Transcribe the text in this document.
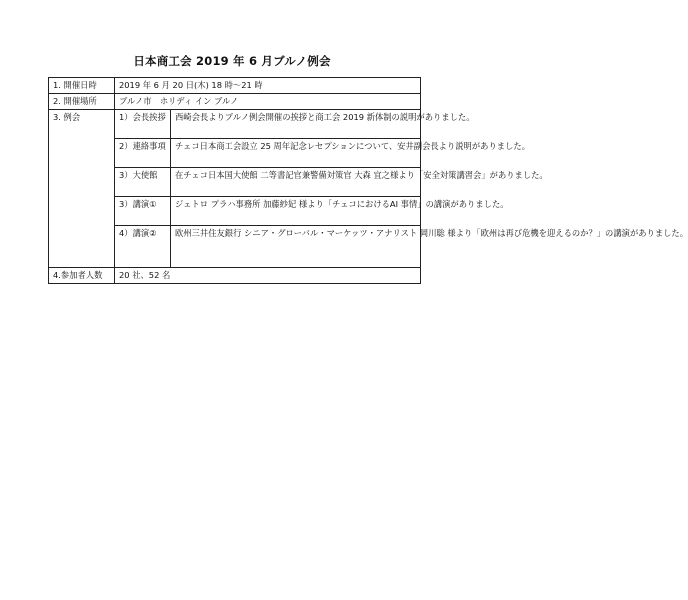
日本商工会 2019 年 6 月ブルノ例会
1. 開催日時	2019 年 6 月 20 日(木) 18 時～21 時	
2. 開催場所	ブルノ市　ホリディ イン ブルノ	
3. 例会	1）会長挨拶	西崎会長よりブルノ例会開催の挨拶と商工会 2019 新体制の説明がありました。
	2）連絡事項	チェコ日本商工会設立 25 周年記念レセプションについて、安井副会長より説明がありました。
	3）大使館	在チェコ日本国大使館 二等書記官兼警備対策官 大森 宜之様より「安全対策講習会」がありました。
	3）講演①	ジェトロ プラハ事務所 加藤紗妃 様より「チェコにおけるAI 事情」の講演がありました。
	4）講演②	欧州三井住友銀行 シニア・グローバル・マーケッツ・アナリスト 岡川聡 様より「欧州は再び危機を迎えるのか？」の講演がありました。
4.参加者人数	20 社、52 名	
